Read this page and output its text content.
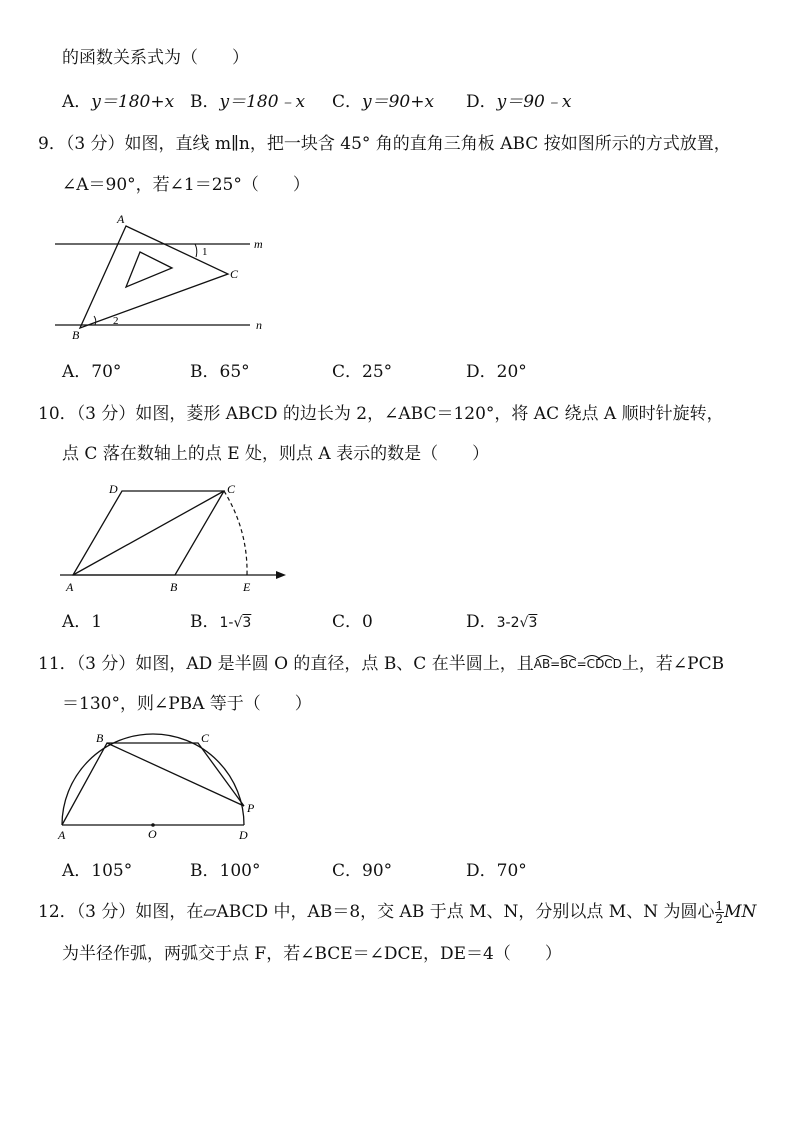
的函数关系式为（　　）
A．y＝180+x B．y＝180﹣x C．y＝90+x D．y＝90﹣x
9．（3 分）如图，直线 m∥n，把一块含 45° 角的直角三角板 ABC 按如图所示的方式放置，
∠A＝90°，若∠1＝25°（　　）
A
B
C
m
n
1
2
A．70°	B．65°	C．25°	D．20°
10．（3 分）如图，菱形 ABCD 的边长为 2，∠ABC＝120°，将 AC 绕点 A 顺时针旋转，
点 C 落在数轴上的点 E 处，则点 A 表示的数是（　　）
A	B
C
D
E
A．1	B．1-√3	C．0	D．3-2√3
11．（3 分）如图，AD 是半圆 O 的直径，点 B、C 在半圆上，且
AB=BC=CDCD上，若∠PCB
＝130°，则∠PBA 等于（　　）
A
B	C
D
O
P
A．105°	B．100°	C．90°	D．70°
12．（3 分）如图，在▱ABCD 中，AB＝8，交 AB 于点 M、N，分别以点 M、N 为圆心 $\frac{1}{2}$ MN
为半径作弧，两弧交于点 F，若∠BCE＝∠DCE，DE＝4（　　）
